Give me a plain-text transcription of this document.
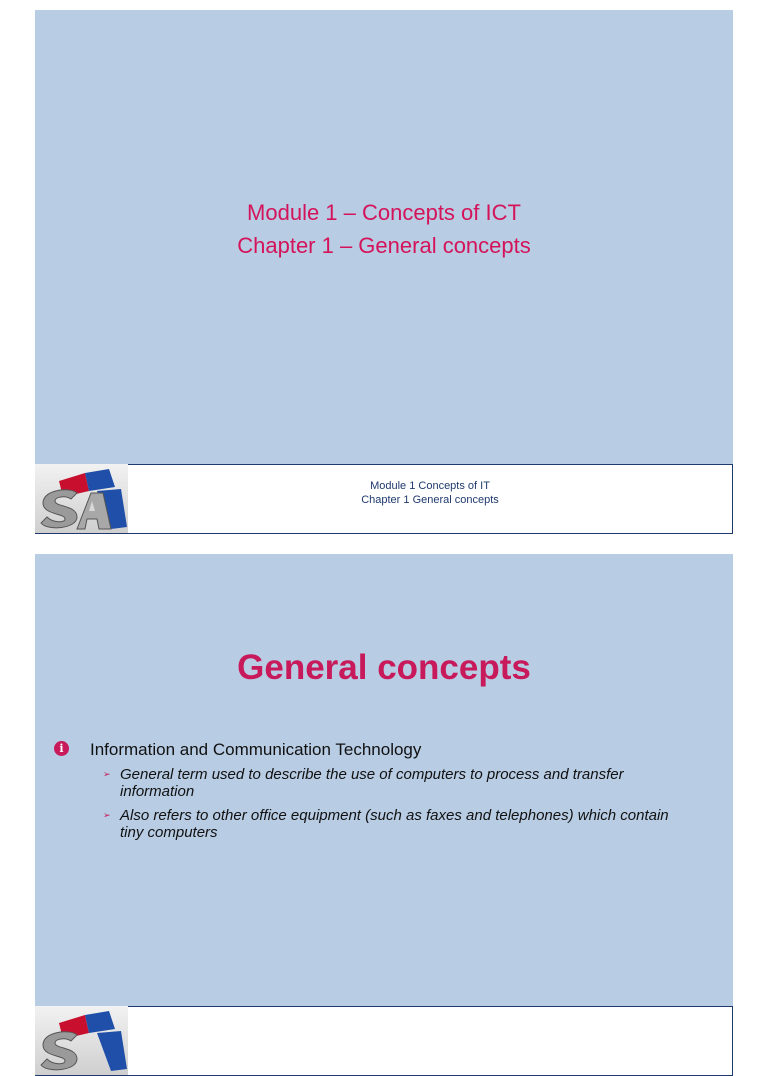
Module 1 – Concepts of ICT
Chapter 1 – General concepts
Module 1 Concepts of IT
Chapter 1 General concepts
General concepts
i	Information and Communication Technology
➢ General term used to describe the use of computers to process and transfer information
➢ Also refers to other office equipment (such as faxes and telephones) which contain tiny computers
